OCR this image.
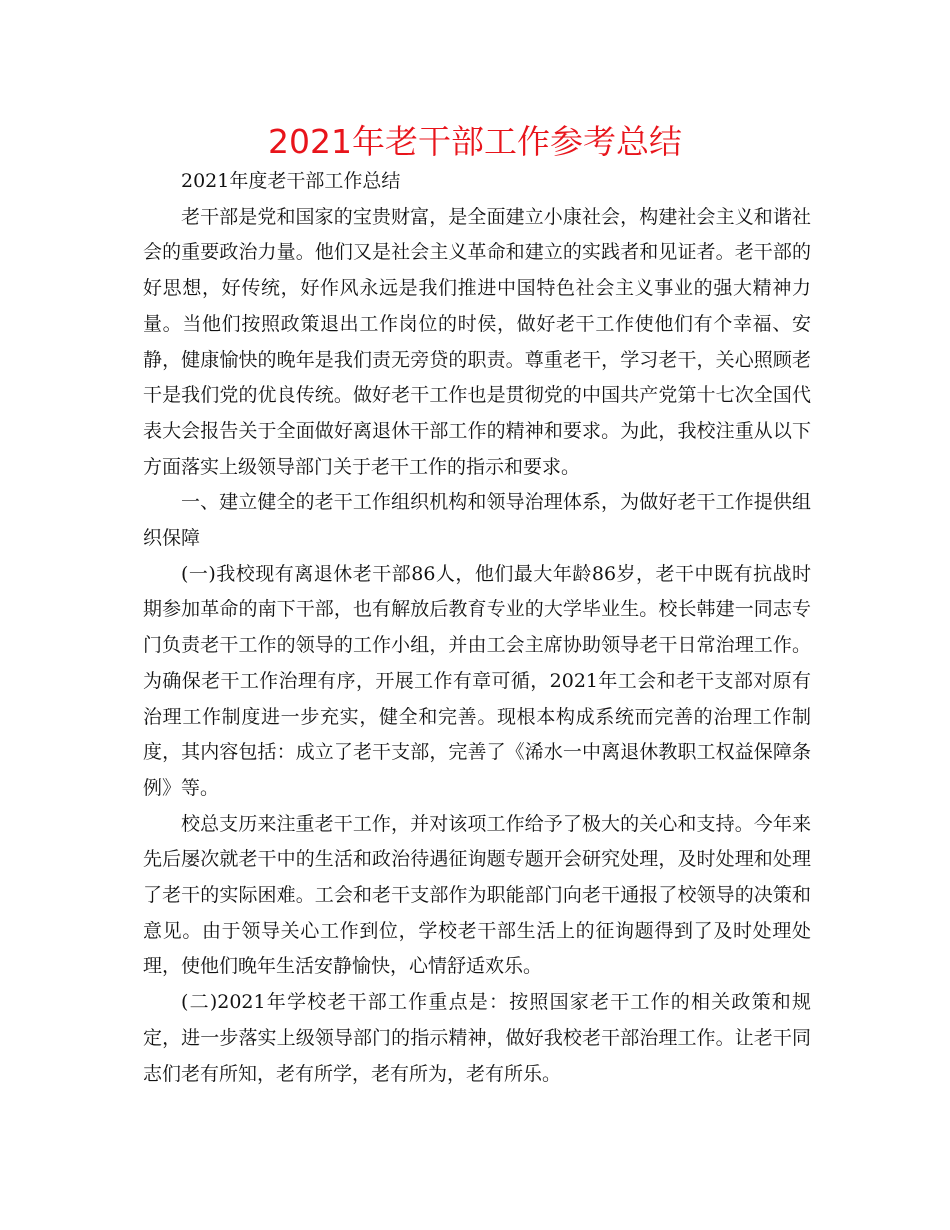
2021年老干部工作参考总结

2021年度老干部工作总结

老干部是党和国家的宝贵财富，是全面建立小康社会，构建社会主义和谐社会的重要政治力量。他们又是社会主义革命和建立的实践者和见证者。老干部的好思想，好传统，好作风永远是我们推进中国特色社会主义事业的强大精神力量。当他们按照政策退出工作岗位的时侯，做好老干工作使他们有个幸福、安静，健康愉快的晚年是我们责无旁贷的职责。尊重老干，学习老干，关心照顾老干是我们党的优良传统。做好老干工作也是贯彻党的中国共产党第十七次全国代表大会报告关于全面做好离退休干部工作的精神和要求。为此，我校注重从以下方面落实上级领导部门关于老干工作的指示和要求。

一、建立健全的老干工作组织机构和领导治理体系，为做好老干工作提供组织保障

(一)我校现有离退休老干部86人，他们最大年龄86岁，老干中既有抗战时期参加革命的南下干部，也有解放后教育专业的大学毕业生。校长韩建一同志专门负责老干工作的领导的工作小组，并由工会主席协助领导老干日常治理工作。为确保老干工作治理有序，开展工作有章可循，2021年工会和老干支部对原有治理工作制度进一步充实，健全和完善。现根本构成系统而完善的治理工作制度，其内容包括：成立了老干支部，完善了《浠水一中离退休教职工权益保障条例》等。

校总支历来注重老干工作，并对该项工作给予了极大的关心和支持。今年来先后屡次就老干中的生活和政治待遇征询题专题开会研究处理，及时处理和处理了老干的实际困难。工会和老干支部作为职能部门向老干通报了校领导的决策和意见。由于领导关心工作到位，学校老干部生活上的征询题得到了及时处理处理，使他们晚年生活安静愉快，心情舒适欢乐。

(二)2021年学校老干部工作重点是：按照国家老干工作的相关政策和规定，进一步落实上级领导部门的指示精神，做好我校老干部治理工作。让老干同志们老有所知，老有所学，老有所为，老有所乐。
